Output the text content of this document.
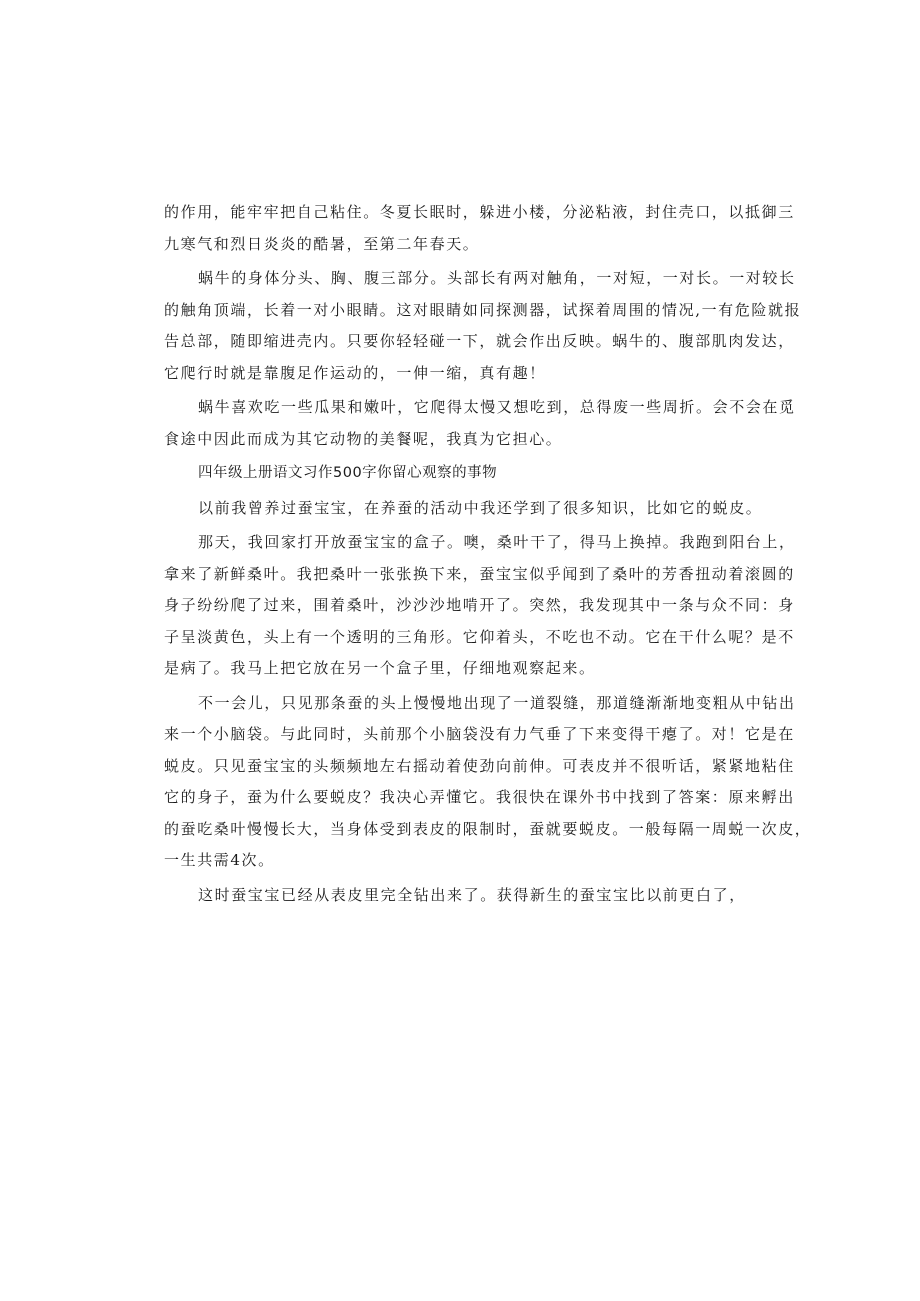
的作用，能牢牢把自己粘住。冬夏长眠时，躲进小楼，分泌粘液，封住壳口，以抵御三
九寒气和烈日炎炎的酷暑，至第二年春天。

蜗牛的身体分头、胸、腹三部分。头部长有两对触角，一对短，一对长。一对较长
的触角顶端，长着一对小眼睛。这对眼睛如同探测器，试探着周围的情况,一有危险就报
告总部，随即缩进壳内。只要你轻轻碰一下，就会作出反映。蜗牛的、腹部肌肉发达，
它爬行时就是靠腹足作运动的，一伸一缩，真有趣！

蜗牛喜欢吃一些瓜果和嫩叶，它爬得太慢又想吃到，总得废一些周折。会不会在觅
食途中因此而成为其它动物的美餐呢，我真为它担心。

四年级上册语文习作500字你留心观察的事物

以前我曾养过蚕宝宝，在养蚕的活动中我还学到了很多知识，比如它的蜕皮。

那天，我回家打开放蚕宝宝的盒子。噢，桑叶干了，得马上换掉。我跑到阳台上，
拿来了新鲜桑叶。我把桑叶一张张换下来，蚕宝宝似乎闻到了桑叶的芳香扭动着滚圆的
身子纷纷爬了过来，围着桑叶，沙沙沙地啃开了。突然，我发现其中一条与众不同：身
子呈淡黄色，头上有一个透明的三角形。它仰着头，不吃也不动。它在干什么呢？是不
是病了。我马上把它放在另一个盒子里，仔细地观察起来。

不一会儿，只见那条蚕的头上慢慢地出现了一道裂缝，那道缝渐渐地变粗从中钻出
来一个小脑袋。与此同时，头前那个小脑袋没有力气垂了下来变得干瘪了。对！它是在
蜕皮。只见蚕宝宝的头频频地左右摇动着使劲向前伸。可表皮并不很听话，紧紧地粘住
它的身子，蚕为什么要蜕皮？我决心弄懂它。我很快在课外书中找到了答案：原来孵出
的蚕吃桑叶慢慢长大，当身体受到表皮的限制时，蚕就要蜕皮。一般每隔一周蜕一次皮，
一生共需4次。

这时蚕宝宝已经从表皮里完全钻出来了。获得新生的蚕宝宝比以前更白了，
